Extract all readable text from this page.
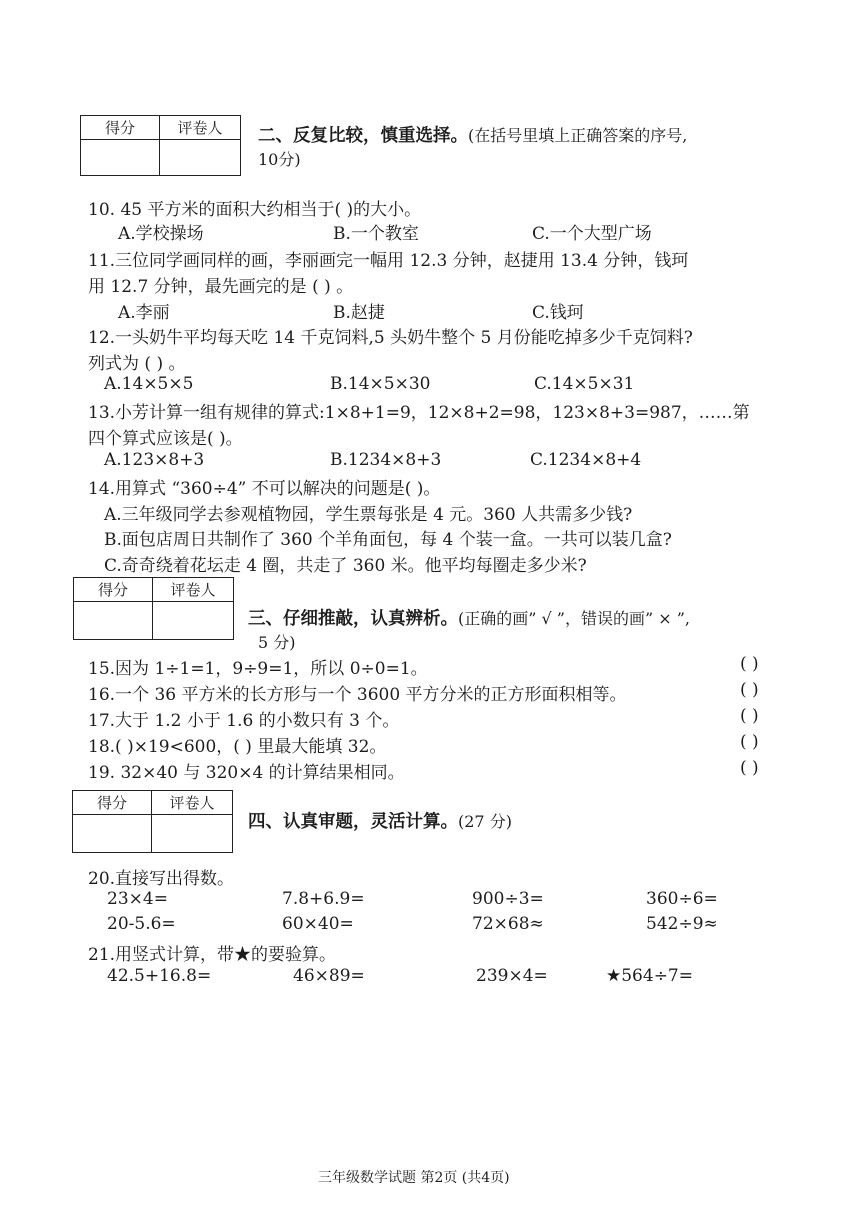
得分	评卷人
	二、反复比较，慎重选择。(在括号里填上正确答案的序号,
10分)
10. 45 平方米的面积大约相当于( )的大小。
A.学校操场	B.一个教室	C.一个大型广场
11.三位同学画同样的画，李丽画完一幅用 12.3 分钟，赵捷用 13.4 分钟，钱珂
用 12.7 分钟，最先画完的是 ( ) 。
A.李丽	B.赵捷	C.钱珂
12.一头奶牛平均每天吃 14 千克饲料,5 头奶牛整个 5 月份能吃掉多少千克饲料?
列式为 ( ) 。
A.14×5×5	B.14×5×30	C.14×5×31
13.小芳计算一组有规律的算式:1×8+1=9，12×8+2=98，123×8+3=987，……第
四个算式应该是( )。
A.123×8+3	B.1234×8+3	C.1234×8+4
14.用算式 “360÷4” 不可以解决的问题是( )。
A.三年级同学去参观植物园，学生票每张是 4 元。360 人共需多少钱?
B.面包店周日共制作了 360 个羊角面包，每 4 个装一盒。一共可以装几盒?
C.奇奇绕着花坛走 4 圈，共走了 360 米。他平均每圈走多少米?
得分	评卷人

三、仔细推敲，认真辨析。(正确的画” √ ”，错误的画” × ”,
5 分)
15.因为 1÷1=1，9÷9=1，所以 0÷0=1。	( )
16.一个 36 平方米的长方形与一个 3600 平方分米的正方形面积相等。	( )
17.大于 1.2 小于 1.6 的小数只有 3 个。	( )
18.( )×19<600，( ) 里最大能填 32。	( )
19. 32×40 与 320×4 的计算结果相同。	( )
得分	评卷人

四、认真审题，灵活计算。(27 分)
20.直接写出得数。
23×4=	7.8+6.9=	900÷3=	360÷6=
20-5.6=	60×40=	72×68≈	542÷9≈
21.用竖式计算，带★的要验算。
42.5+16.8=	46×89=	239×4=	★564÷7=
三年级数学试题 第2页 (共4页)
